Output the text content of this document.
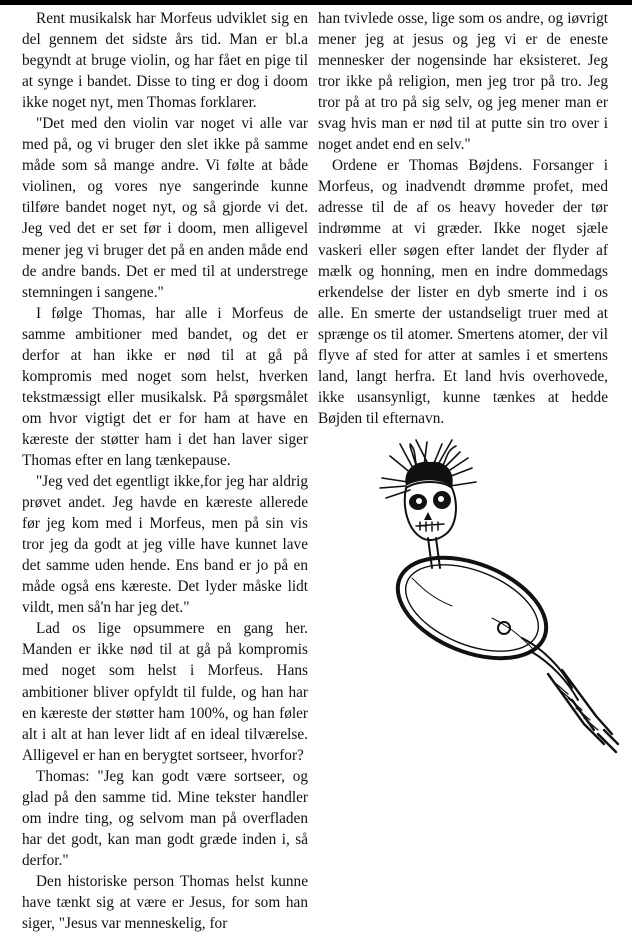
Rent musikalsk har Morfeus udviklet sig en del gennem det sidste års tid. Man er bl.a begyndt at bruge violin, og har fået en pige til at synge i bandet. Disse to ting er dog i doom ikke noget nyt, men Thomas forklarer.

"Det med den violin var noget vi alle var med på, og vi bruger den slet ikke på samme måde som så mange andre. Vi følte at både violinen, og vores nye sangerinde kunne tilføre bandet noget nyt, og så gjorde vi det. Jeg ved det er set før i doom, men alligevel mener jeg vi bruger det på en anden måde end de andre bands. Det er med til at understrege stemningen i sangene."

I følge Thomas, har alle i Morfeus de samme ambitioner med bandet, og det er derfor at han ikke er nød til at gå på kompromis med noget som helst, hverken tekstmæssigt eller musikalsk. På spørgsmålet om hvor vigtigt det er for ham at have en kæreste der støtter ham i det han laver siger Thomas efter en lang tænkepause.

"Jeg ved det egentligt ikke,for jeg har aldrig prøvet andet. Jeg havde en kæreste allerede før jeg kom med i Morfeus, men på sin vis tror jeg da godt at jeg ville have kunnet lave det samme uden hende. Ens band er jo på en måde også ens kæreste. Det lyder måske lidt vildt, men så'n har jeg det."

Lad os lige opsummere en gang her. Manden er ikke nød til at gå på kompromis med noget som helst i Morfeus. Hans ambitioner bliver opfyldt til fulde, og han har en kæreste der støtter ham 100%, og han føler alt i alt at han lever lidt af en ideal tilværelse. Alligevel er han en berygtet sortseer, hvorfor?

Thomas: "Jeg kan godt være sortseer, og glad på den samme tid. Mine tekster handler om indre ting, og selvom man på overfladen har det godt, kan man godt græde inden i, så derfor."

Den historiske person Thomas helst kunne have tænkt sig at være er Jesus, for som han siger, "Jesus var menneskelig, for

han tvivlede osse, lige som os andre, og iøvrigt mener jeg at jesus og jeg vi er de eneste mennesker der nogensinde har eksisteret. Jeg tror ikke på religion, men jeg tror på tro. Jeg tror på at tro på sig selv, og jeg mener man er svag hvis man er nød til at putte sin tro over i noget andet end en selv."

Ordene er Thomas Bøjdens. Forsanger i Morfeus, og inadvendt drømme profet, med adresse til de af os heavy hoveder der tør indrømme at vi græder. Ikke noget sjæle vaskeri eller søgen efter landet der flyder af mælk og honning, men en indre dommedags erkendelse der lister en dyb smerte ind i os alle. En smerte der ustandseligt truer med at sprænge os til atomer. Smertens atomer, der vil flyve af sted for atter at samles i et smertens land, langt herfra. Et land hvis overhovede, ikke usansynligt, kunne tænkes at hedde Bøjden til efternavn.
